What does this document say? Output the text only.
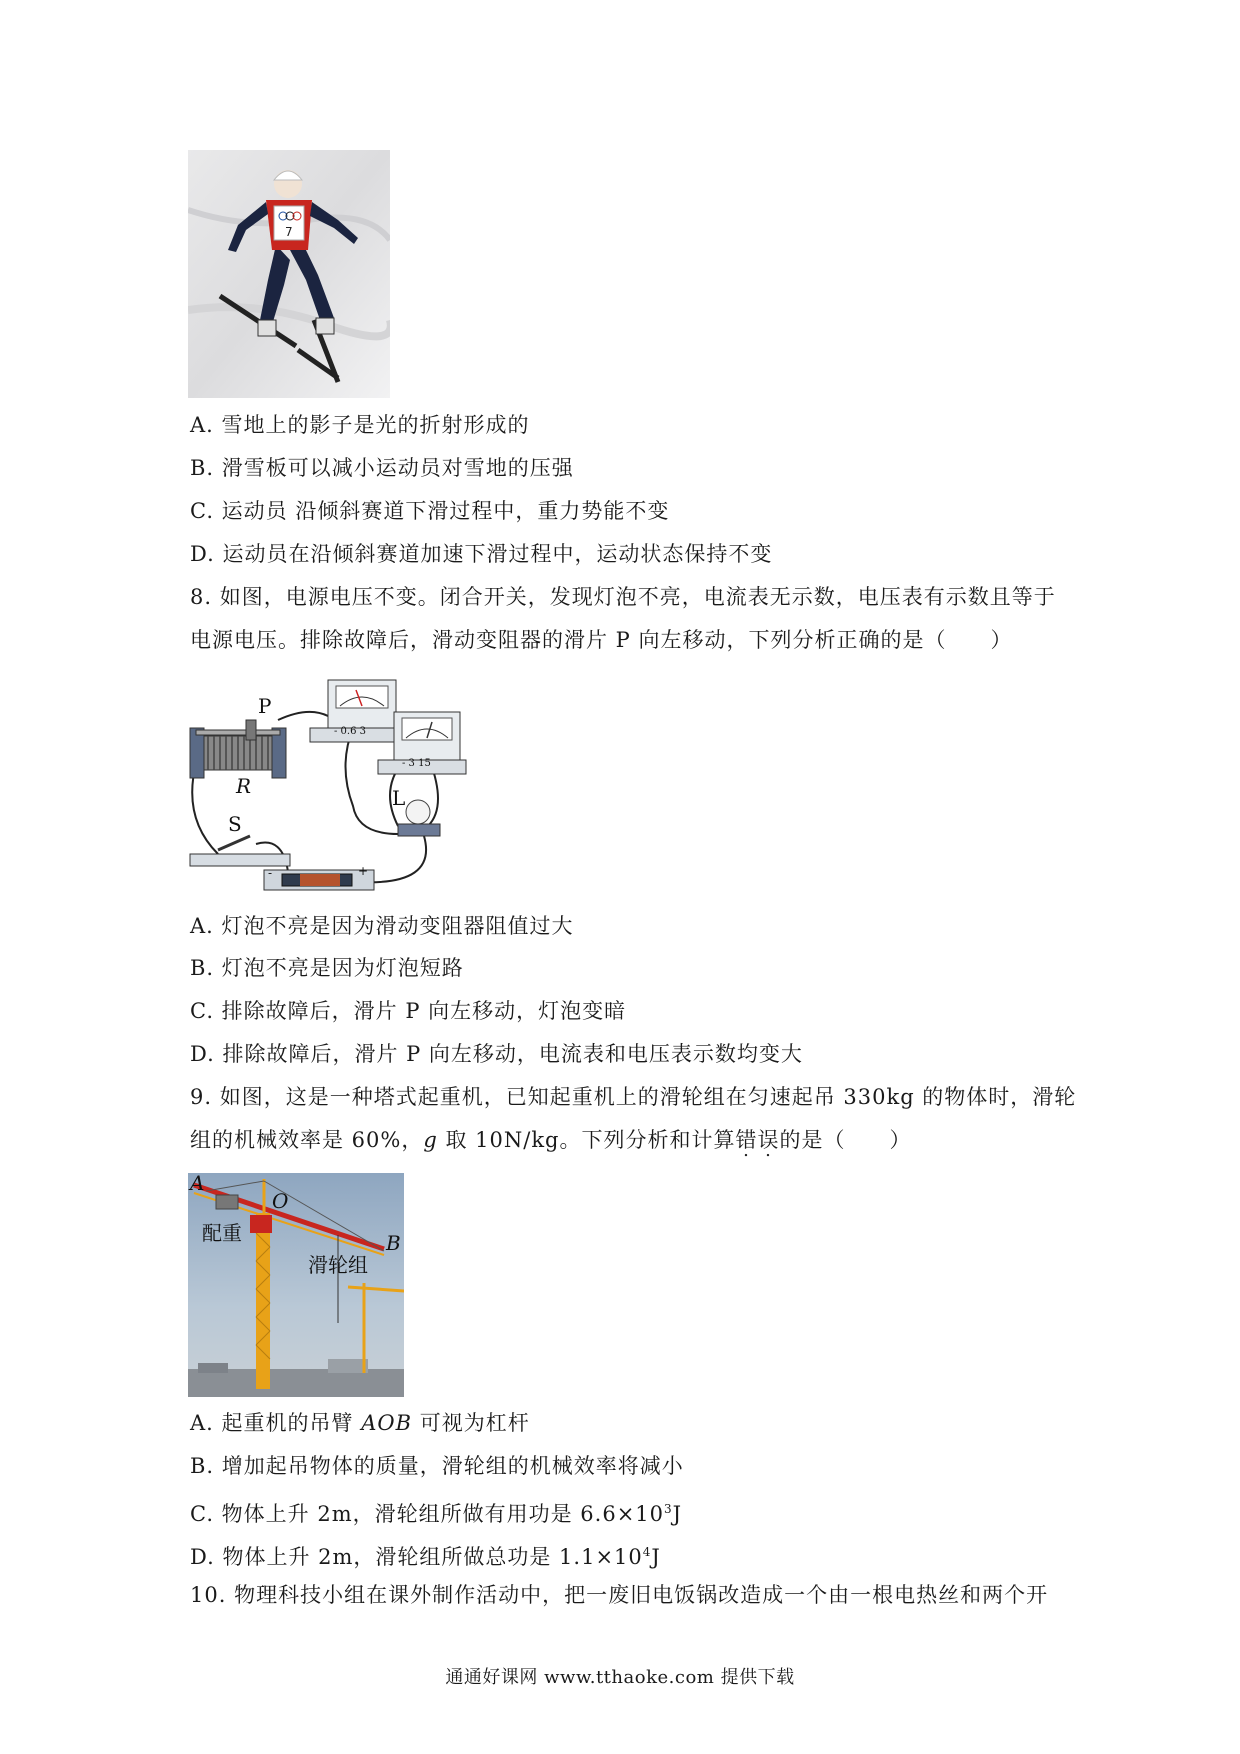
7
A. 雪地上的影子是光的折射形成的
B. 滑雪板可以减小运动员对雪地的压强
C. 运动员 沿倾斜赛道下滑过程中，重力势能不变
D. 运动员在沿倾斜赛道加速下滑过程中，运动状态保持不变
8. 如图，电源电压不变。闭合开关，发现灯泡不亮，电流表无示数，电压表有示数且等于
电源电压。排除故障后，滑动变阻器的滑片 P 向左移动，下列分析正确的是（　　）
P
R
S
L
- 0.6 3
- 3 15
-	+
A. 灯泡不亮是因为滑动变阻器阻值过大
B. 灯泡不亮是因为灯泡短路
C. 排除故障后，滑片 P 向左移动，灯泡变暗
D. 排除故障后，滑片 P 向左移动，电流表和电压表示数均变大
9. 如图，这是一种塔式起重机，已知起重机上的滑轮组在匀速起吊 330kg 的物体时，滑轮
组的机械效率是 60%，g 取 10N/kg。下列分析和计算错误的是（　　）
A
O
B
配重
滑轮组
A. 起重机的吊臂 AOB 可视为杠杆
B. 增加起吊物体的质量，滑轮组的机械效率将减小
C. 物体上升 2m，滑轮组所做有用功是 $6.6\times 10^3J$
D. 物体上升 2m，滑轮组所做总功是 $1.1\times 10^4J$
10. 物理科技小组在课外制作活动中，把一废旧电饭锅改造成一个由一根电热丝和两个开
通通好课网 www.tthaoke.com 提供下载
